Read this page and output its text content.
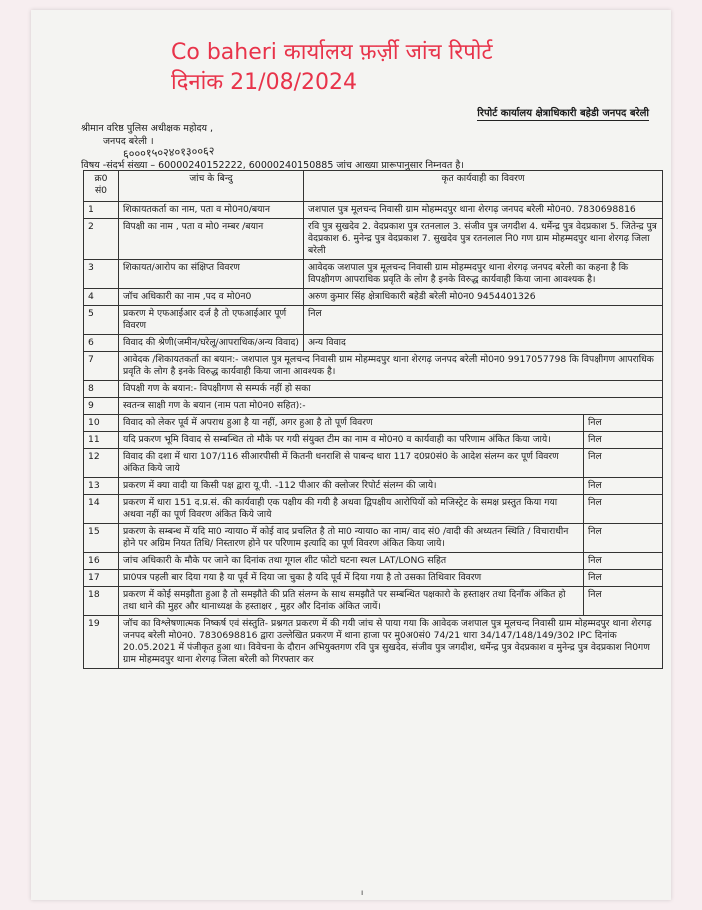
रिपोर्ट कार्यालय क्षेत्राधिकारी बहेडी जनपद बरेली
श्रीमान वरिष्ठ पुलिस अधीक्षक महोदय ,
जनपद बरेली ।
६०००१५०२४०१३००६२
विषय -संदर्भ संख्या – 60000240152222, 60000240150885 जांच आख्या प्रारूपानुसार निम्नवत है।
क्र0 सं0	जांच के बिन्दु	कृत कार्यवाही का विवरण	
1	शिकायतकर्ता का नाम, पता व मो0न0/बयान	जशपाल पुत्र मूलचन्द निवासी ग्राम मोहम्मदपुर थाना शेरगढ़ जनपद बरेली मो0न0. 7830698816	
2	विपक्षी का नाम , पता व मो0 नम्बर /बयान	रवि पुत्र सुखदेव 2. वेदप्रकाश पुत्र रतनलाल 3. संजीव पुत्र जगदीश 4. धर्मेन्द्र पुत्र वेदप्रकाश 5. जितेन्द्र पुत्र वेदप्रकाश 6. मुनेन्द्र पुत्र वेदप्रकाश 7. सुखदेव पुत्र रतनलाल नि0 गण ग्राम मोहम्मदपुर थाना शेरगढ़ जिला बरेली	
3	शिकायत/आरोप का संक्षिप्त विवरण	आवेदक जशपाल पुत्र मूलचन्द निवासी ग्राम मोहम्मदपुर थाना शेरगढ़ जनपद बरेली का कहना है कि विपक्षीगण आपराधिक प्रवृति के लोग है इनके विरुद्ध कार्यवाही किया जाना आवश्यक है।	
4	जॉच अधिकारी का नाम ,पद व मो0न0	अरुण कुमार सिंह क्षेत्राधिकारी बहेडी बरेली मो0न0 9454401326	
5	प्रकरण मे एफआईआर दर्ज है तो एफआईआर पूर्ण विवरण	निल	
6	विवाद की श्रेणी(जमीन/घरेलू/आपराधिक/अन्य विवाद)	अन्य विवाद	
7	आवेदक /शिकायतकर्ता का बयान:- जशपाल पुत्र मूलचन्द निवासी ग्राम मोहम्मदपुर थाना शेरगढ़ जनपद बरेली मो0न0 9917057798 कि विपक्षीगण आपराधिक प्रवृति के लोग है इनके विरुद्ध कार्यवाही किया जाना आवश्यक है।		
8	विपक्षी गण के बयान:- विपक्षीगण से सम्पर्क नहीं हो सका		
9	स्वतन्त्र साक्षी गण के बयान (नाम पता मो0न0 सहित):-		
10	विवाद को लेकर पूर्व में अपराध हुआ है या नहीं, अगर हुआ है तो पूर्ण विवरण		निल
11	यदि प्रकरण भूमि विवाद से सम्बन्धित तो मौके पर गयी संयुक्त टीम का नाम व मो0न0 व कार्यवाही का परिणाम अंकित किया जाये।		निल
12	विवाद की दशा में धारा 107/116 सीआरपीसी में कितनी धनराशि से पाबन्द धारा 117 द0प्र0सं0 के आदेश संलग्न कर पूर्ण विवरण अंकित किये जाये		निल
13	प्रकरण में क्या वादी या किसी पक्ष द्वारा यू.पी. -112 पीआर की क्लोजर रिपोर्ट संलग्न की जाये।		निल
14	प्रकरण में धारा 151 द.प्र.सं. की कार्यवाही एक पक्षीय की गयी है अथवा द्विपक्षीय आरोपियों को मजिस्ट्रेट के समक्ष प्रस्तुत किया गया अथवा नहीं का पूर्ण विवरण अंकित किये जाये		निल
15	प्रकरण के सम्बन्ध में यदि मा0 न्यायाo में कोई वाद प्रचलित है तो मा0 न्यायाo का नाम/ वाद सं0 /वादी की अध्यतन स्थिति / विचाराधीन होने पर अग्रिम नियत तिथि/ निस्तारण होने पर परिणाम इत्यादि का पूर्ण विवरण अंकित किया जाये।		निल
16	जांच अधिकारी के मौके पर जाने का दिनांक तथा गूगल शीट फोटो घटना स्थल LAT/LONG सहित		निल
17	प्रा0पत्र पहली बार दिया गया है या पूर्व में दिया जा चुका है यदि पूर्व में दिया गया है तो उसका तिथिवार विवरण		निल
18	प्रकरण में कोई समझौता हुआ है तो समझौते की प्रति संलग्न के साथ समझौते पर सम्बन्धित पक्षकारो के हस्ताक्षर तथा दिनाँक अंकित हो तथा थाने की मुहर और थानाध्यक्ष के हस्ताक्षर , मुहर और दिनांक अंकित जायें।		निल
19	जॉच का विश्लेषणात्मक निष्कर्ष एवं संस्तुति- प्रश्नगत प्रकरण में की गयी जांच से पाया गया कि आवेदक जशपाल पुत्र मूलचन्द निवासी ग्राम मोहम्मदपुर थाना शेरगढ़ जनपद बरेली मो0न0. 7830698816 द्वारा उल्लेखित प्रकरण में थाना हाजा पर मु0अ0सं0 74/21 धारा 34/147/148/149/302 IPC दिनांक 20.05.2021 में पंजीकृत हुआ था। विवेचना के दौरान अभियुक्तगण रवि पुत्र सुखदेव, संजीव पुत्र जगदीश, धर्मेन्द्र पुत्र वेदप्रकाश व मुनेन्द्र पुत्र वेदप्रकाश नि0गण ग्राम मोहम्मदपुर थाना शेरगढ़ जिला बरेली को गिरफ्तार कर		
ı
Co baheri कार्यालय फ़र्ज़ी जांच रिपोर्ट
दिनांक 21/08/2024
